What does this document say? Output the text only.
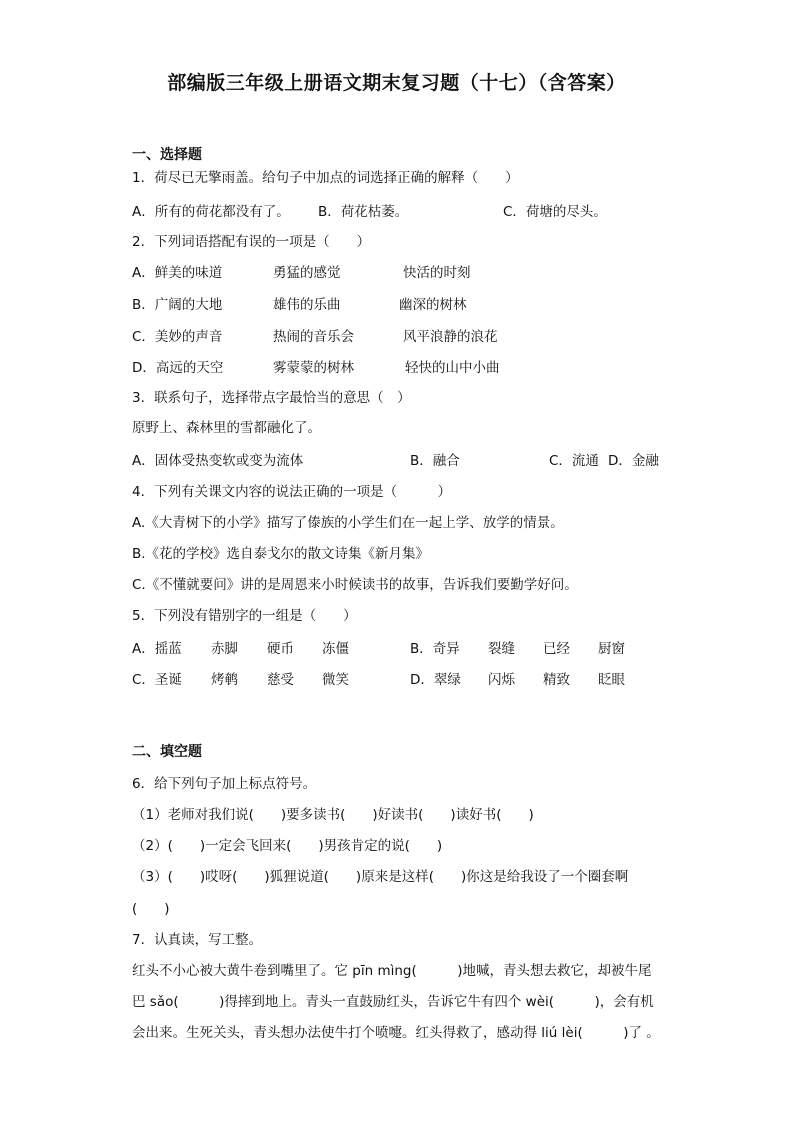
部编版三年级上册语文期末复习题（十七）（含答案）
一、选择题
1．荷尽已无擎雨盖。给句子中加点的词选择正确的解释（　　）
A．所有的荷花都没有了。 B．荷花枯萎。	C．荷塘的尽头。
2．下列词语搭配有误的一项是（　　）
A．鲜美的味道	勇猛的感觉	快活的时刻
B．广阔的大地	雄伟的乐曲	幽深的树林
C．美妙的声音	热闹的音乐会	风平浪静的浪花
D．高远的天空	雾蒙蒙的树林	轻快的山中小曲
3．联系句子，选择带点字最恰当的意思（　）
原野上、森林里的雪都融化了。
A．固体受热变软或变为流体	B．融合	C．流通 D．金融
4．下列有关课文内容的说法正确的一项是（　　　）
A.《大青树下的小学》描写了傣族的小学生们在一起上学、放学的情景。
B.《花的学校》选自泰戈尔的散文诗集《新月集》
C.《不懂就要问》讲的是周恩来小时候读书的故事，告诉我们要勤学好问。
5．下列没有错别字的一组是（　　）
A．摇蓝 赤脚 硬币 冻僵	B．奇异 裂缝 已经 厨窗
C．圣诞 烤鹌 慈受 微笑	D．翠绿 闪烁 精致 眨眼
二、填空题
6．给下列句子加上标点符号。
（1）老师对我们说(　　)要多读书(　　)好读书(　　)读好书(　　)
（2）(　　)一定会飞回来(　　)男孩肯定的说(　　)
（3）(　　)哎呀(　　)狐狸说道(　　)原来是这样(　　)你这是给我设了一个圈套啊
(　　)
7．认真读，写工整。
红头不小心被大黄牛卷到嘴里了。它 pīn mìng(　　　)地喊，青头想去救它，却被牛尾
巴 sǎo(　　　)得摔到地上。青头一直鼓励红头，告诉它牛有四个 wèi(　　　)，会有机
会出来。生死关头，青头想办法使牛打个喷嚏。红头得救了，感动得 liú lèi(　　　)了 。
